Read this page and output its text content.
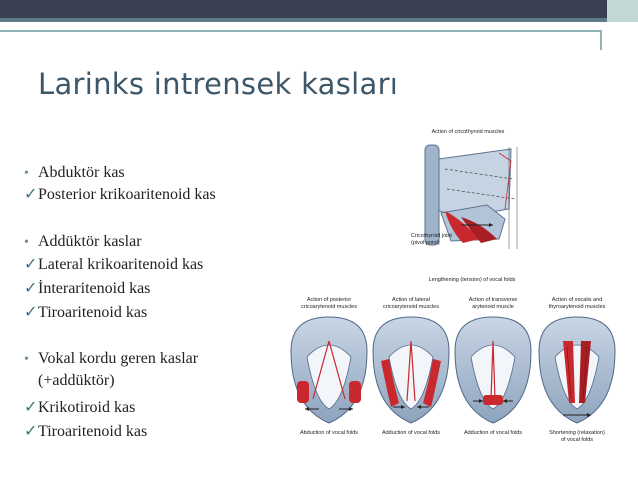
Larinks intrensek kasları
• Abduktör kas
✓Posterior krikoaritenoid kas
• Addüktör kaslar
✓Lateral krikoaritenoid kas
✓İnteraritenoid kas
✓Tiroaritenoid kas
• Vokal kordu geren kaslar
(+addüktör)
✓Krikotiroid kas
✓Tiroaritenoid kas
Action of cricothyroid muscles
Cricothyroid joint
(pivot point)
Lengthening (tension) of vocal folds
Action of posterior
cricoarytenoid muscles
Action of lateral
cricoarytenoid muscles
Action of transverse
arytenoid muscle
Action of vocalis and
thyroarytenoid muscles
Abduction of vocal folds	Adduction of vocal folds	Adduction of vocal folds	Shortening (relaxation)
of vocal folds
